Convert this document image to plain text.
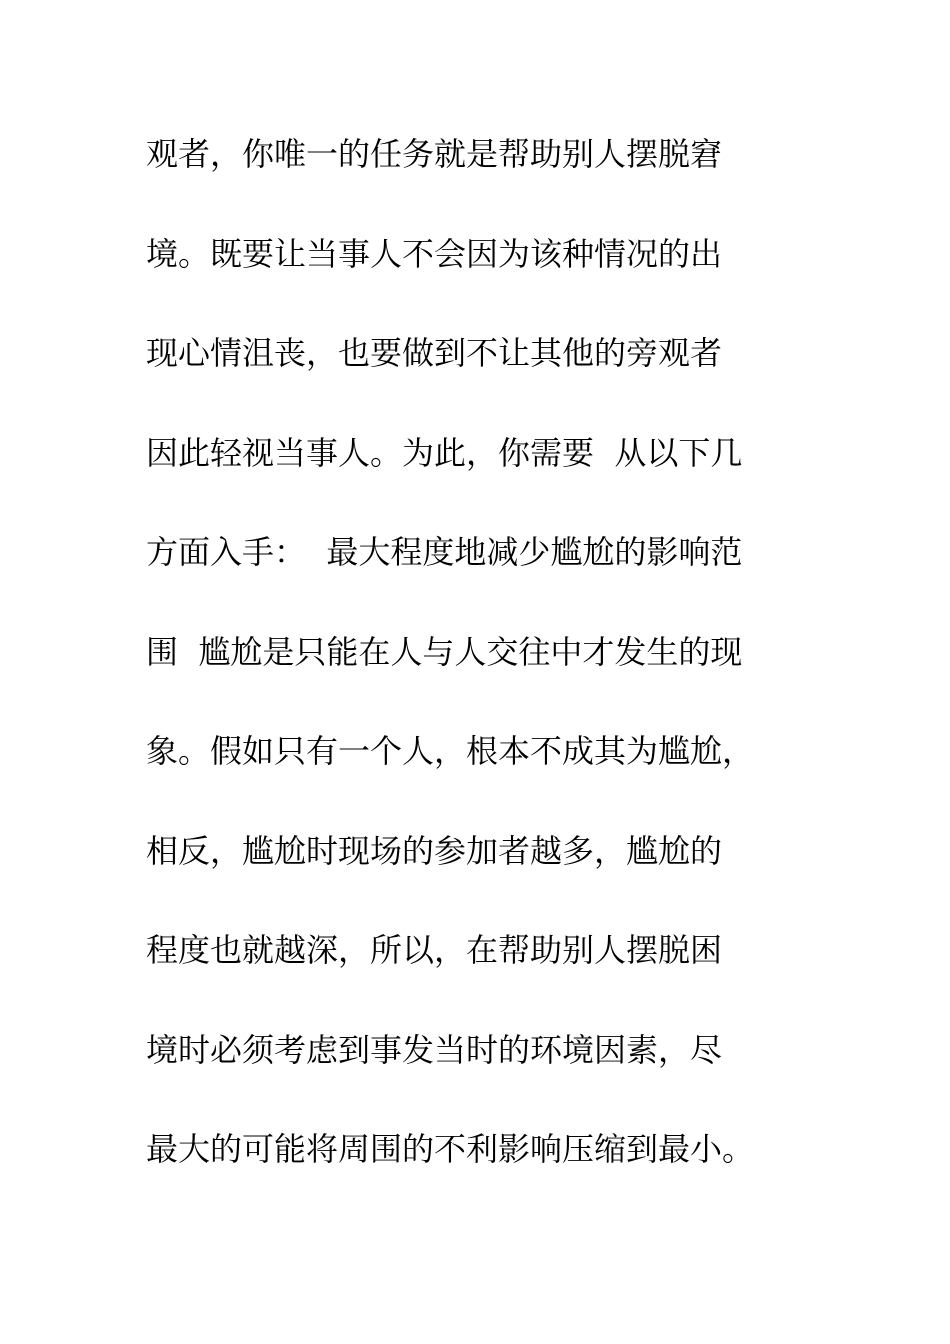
观者，你唯一的任务就是帮助别人摆脱窘
境。既要让当事人不会因为该种情况的出
现心情沮丧，也要做到不让其他的旁观者
因此轻视当事人。为此，你需要  从以下几
方面入手：  最大程度地减少尴尬的影响范
围  尴尬是只能在人与人交往中才发生的现
象。假如只有一个人，根本不成其为尴尬，
相反，尴尬时现场的参加者越多，尴尬的
程度也就越深，所以，在帮助别人摆脱困
境时必须考虑到事发当时的环境因素，尽
最大的可能将周围的不利影响压缩到最小。
